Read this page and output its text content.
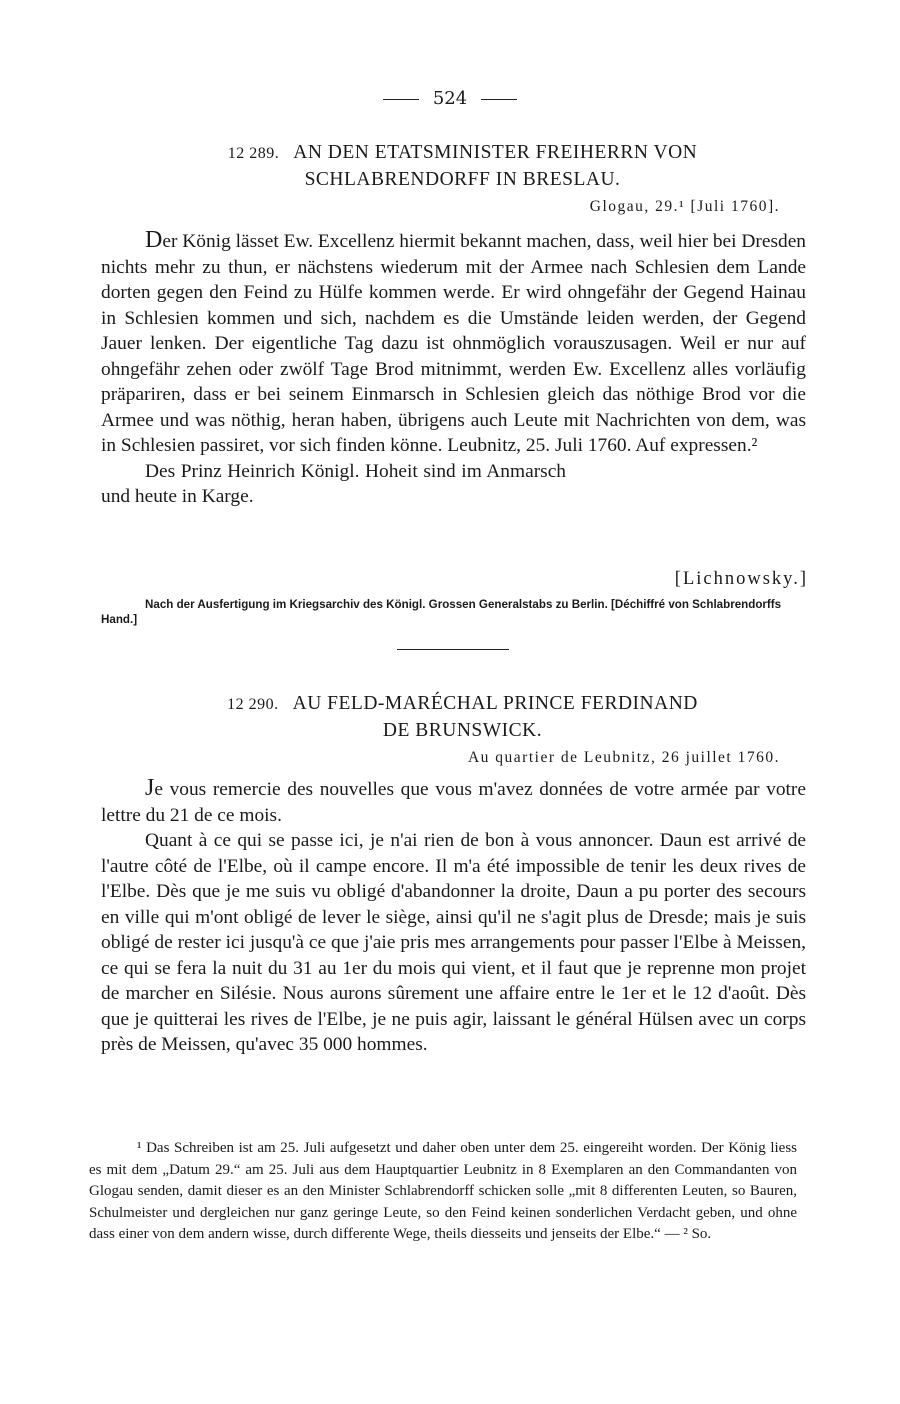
524
12 289. AN DEN ETATSMINISTER FREIHERRN VON
SCHLABRENDORFF IN BRESLAU.
Glogau, 29.¹ [Juli 1760].

Der König lässet Ew. Excellenz hiermit bekannt machen, dass, weil hier bei Dresden nichts mehr zu thun, er nächstens wiederum mit der Armee nach Schlesien dem Lande dorten gegen den Feind zu Hülfe kommen werde. Er wird ohngefähr der Gegend Hainau in Schlesien kommen und sich, nachdem es die Umstände leiden werden, der Gegend Jauer lenken. Der eigentliche Tag dazu ist ohnmöglich vorauszusagen. Weil er nur auf ohngefähr zehen oder zwölf Tage Brod mitnimmt, werden Ew. Excellenz alles vorläufig präpariren, dass er bei seinem Einmarsch in Schlesien gleich das nöthige Brod vor die Armee und was nöthig, heran haben, übrigens auch Leute mit Nachrichten von dem, was in Schlesien passiret, vor sich finden könne. Leubnitz, 25. Juli 1760. Auf expressen.²

Des Prinz Heinrich Königl. Hoheit sind im Anmarsch und heute in Karge.

[Lichnowsky.]
Nach der Ausfertigung im Kriegsarchiv des Königl. Grossen Generalstabs zu Berlin. [Déchiffré von Schlabrendorffs Hand.]
12 290. AU FELD-MARÉCHAL PRINCE FERDINAND
DE BRUNSWICK.
Au quartier de Leubnitz, 26 juillet 1760.

Je vous remercie des nouvelles que vous m'avez données de votre armée par votre lettre du 21 de ce mois.

Quant à ce qui se passe ici, je n'ai rien de bon à vous annoncer. Daun est arrivé de l'autre côté de l'Elbe, où il campe encore. Il m'a été impossible de tenir les deux rives de l'Elbe. Dès que je me suis vu obligé d'abandonner la droite, Daun a pu porter des secours en ville qui m'ont obligé de lever le siège, ainsi qu'il ne s'agit plus de Dresde; mais je suis obligé de rester ici jusqu'à ce que j'aie pris mes arrangements pour passer l'Elbe à Meissen, ce qui se fera la nuit du 31 au 1er du mois qui vient, et il faut que je reprenne mon projet de marcher en Silésie. Nous aurons sûrement une affaire entre le 1er et le 12 d'août. Dès que je quitterai les rives de l'Elbe, je ne puis agir, laissant le général Hülsen avec un corps près de Meissen, qu'avec 35 000 hommes.

¹ Das Schreiben ist am 25. Juli aufgesetzt und daher oben unter dem 25. eingereiht worden. Der König liess es mit dem „Datum 29.“ am 25. Juli aus dem Hauptquartier Leubnitz in 8 Exemplaren an den Commandanten von Glogau senden, damit dieser es an den Minister Schlabrendorff schicken solle „mit 8 differenten Leuten, so Bauren, Schulmeister und dergleichen nur ganz geringe Leute, so den Feind keinen sonderlichen Verdacht geben, und ohne dass einer von dem andern wisse, durch differente Wege, theils diesseits und jenseits der Elbe.“ — ² So.
